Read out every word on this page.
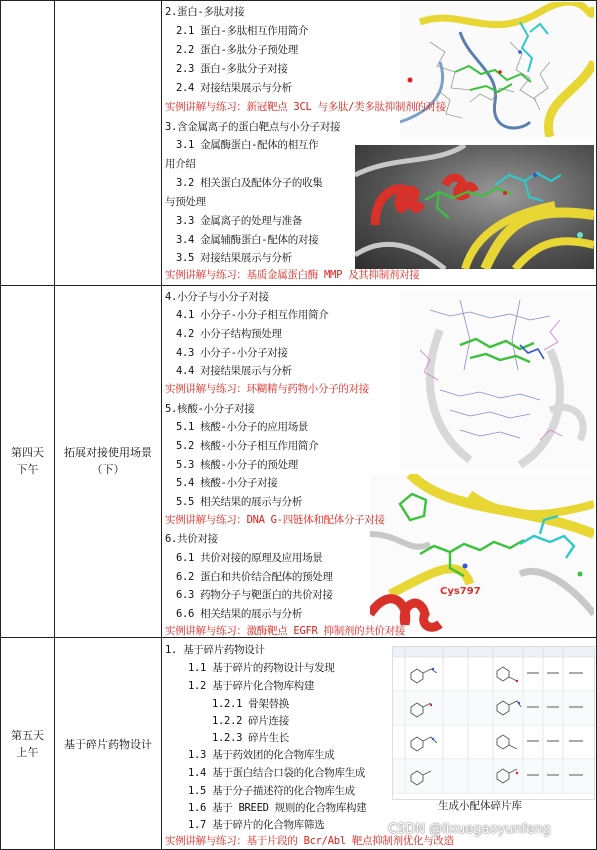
第四天
下午
拓展对接使用场景
（下）
第五天
上午
基于碎片药物设计
Cys797
生成小配体碎片库
2.蛋白-多肽对接
2.1 蛋白-多肽相互作用简介
2.2 蛋白-多肽分子预处理
2.3 蛋白-多肽分子对接
2.4 对接结果展示与分析
实例讲解与练习：新冠靶点 3CL 与多肽/类多肽抑制剂的对接
3.含金属离子的蛋白靶点与小分子对接
3.1 金属酶蛋白-配体的相互作
用介绍
3.2 相关蛋白及配体分子的收集
与预处理
3.3 金属离子的处理与准备
3.4 金属辅酶蛋白-配体的对接
3.5 对接结果展示与分析
实例讲解与练习：基质金属蛋白酶 MMP 及其抑制剂对接
4.小分子与小分子对接
4.1 小分子-小分子相互作用简介
4.2 小分子结构预处理
4.3 小分子-小分子对接
4.4 对接结果展示与分析
实例讲解与练习：环糊精与药物小分子的对接
5.核酸-小分子对接
5.1 核酸-小分子的应用场景
5.2 核酸-小分子相互作用简介
5.3 核酸-小分子的预处理
5.4 核酸-小分子对接
5.5 相关结果的展示与分析
实例讲解与练习：DNA G-四链体和配体分子对接
6.共价对接
6.1 共价对接的原理及应用场景
6.2 蛋白和共价结合配体的预处理
6.3 药物分子与靶蛋白的共价对接
6.6 相关结果的展示与分析
实例讲解与练习：激酶靶点 EGFR 抑制剂的共价对接
1. 基于碎片药物设计
1.1 基于碎片的药物设计与发现
1.2 基于碎片化合物库构建
1.2.1 骨架替换
1.2.2 碎片连接
1.2.3 碎片生长
1.3 基于药效团的化合物库生成
1.4 基于蛋白结合口袋的化合物库生成
1.5 基于分子描述符的化合物库生成
1.6 基于 BREED 规则的化合物库构建
1.7 基于碎片的化合物库筛选
实例讲解与练习：基于片段的 Bcr/Abl 靶点抑制剂优化与改造
CSDN @lixuegaoyunfeng
